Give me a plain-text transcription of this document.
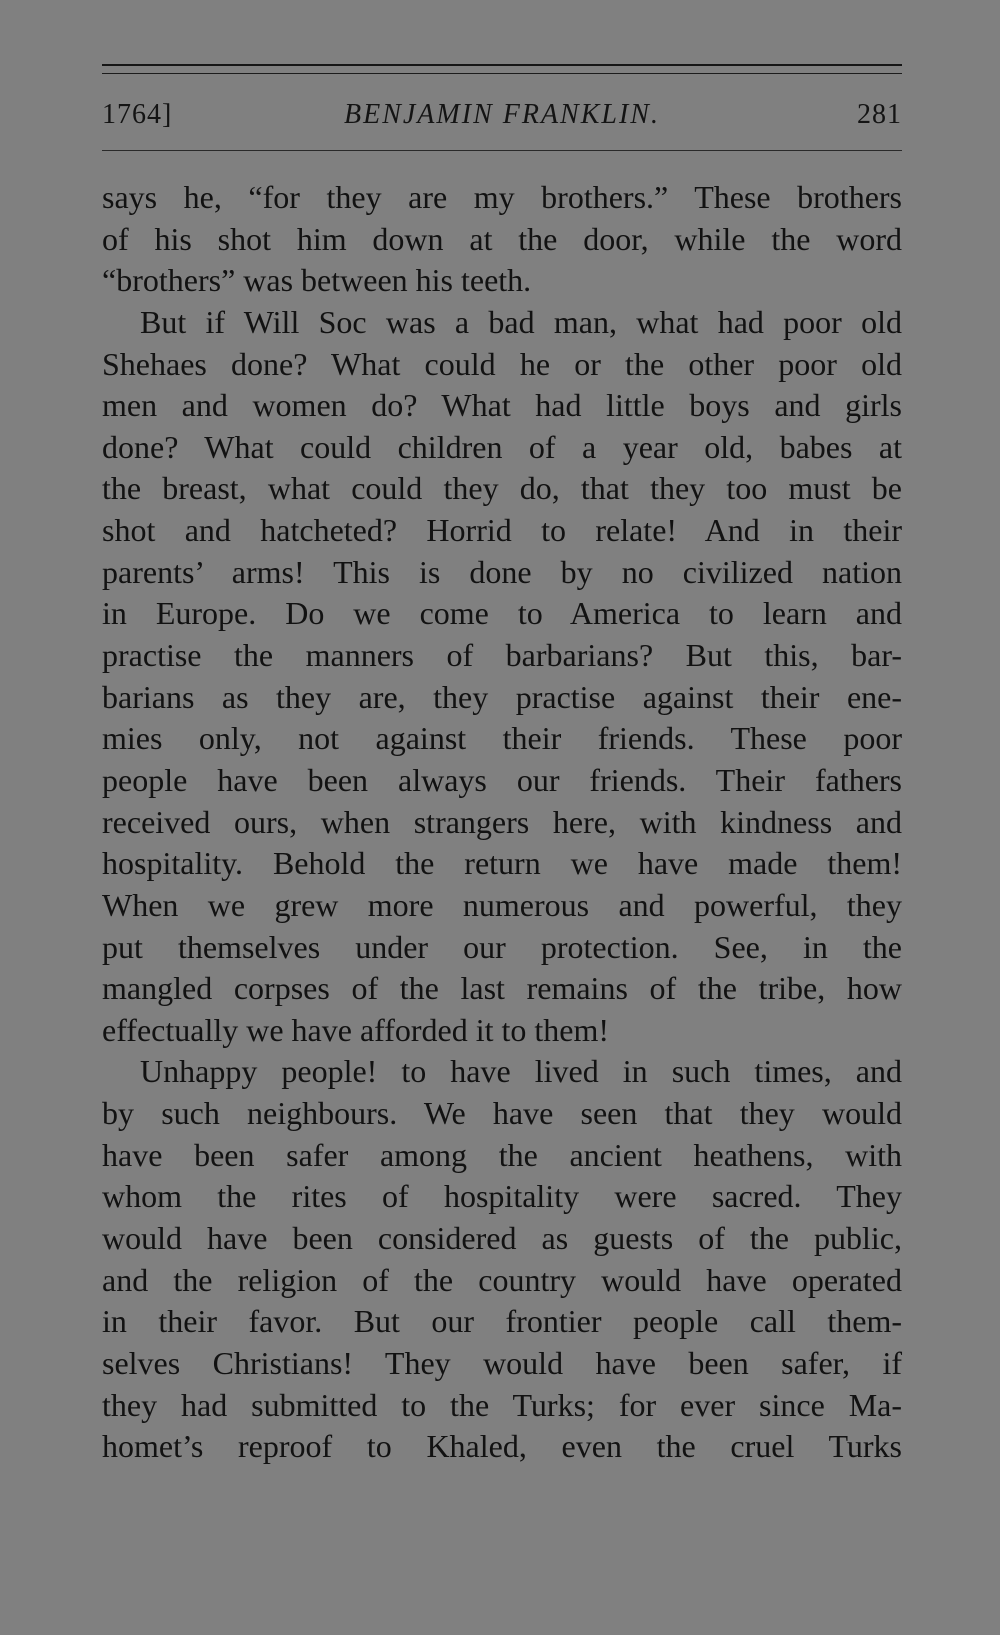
1764]	BENJAMIN FRANKLIN.	281
says he, “for they are my brothers.” These brothers
of his shot him down at the door, while the word
“brothers” was between his teeth.
But if Will Soc was a bad man, what had poor old
Shehaes done? What could he or the other poor old
men and women do? What had little boys and girls
done? What could children of a year old, babes at
the breast, what could they do, that they too must be
shot and hatcheted? Horrid to relate! And in their
parents’ arms! This is done by no civilized nation
in Europe. Do we come to America to learn and
practise the manners of barbarians? But this, bar-
barians as they are, they practise against their ene-
mies only, not against their friends. These poor
people have been always our friends. Their fathers
received ours, when strangers here, with kindness and
hospitality. Behold the return we have made them!
When we grew more numerous and powerful, they
put themselves under our protection. See, in the
mangled corpses of the last remains of the tribe, how
effectually we have afforded it to them!
Unhappy people! to have lived in such times, and
by such neighbours. We have seen that they would
have been safer among the ancient heathens, with
whom the rites of hospitality were sacred. They
would have been considered as guests of the public,
and the religion of the country would have operated
in their favor. But our frontier people call them-
selves Christians! They would have been safer, if
they had submitted to the Turks; for ever since Ma-
homet’s reproof to Khaled, even the cruel Turks
